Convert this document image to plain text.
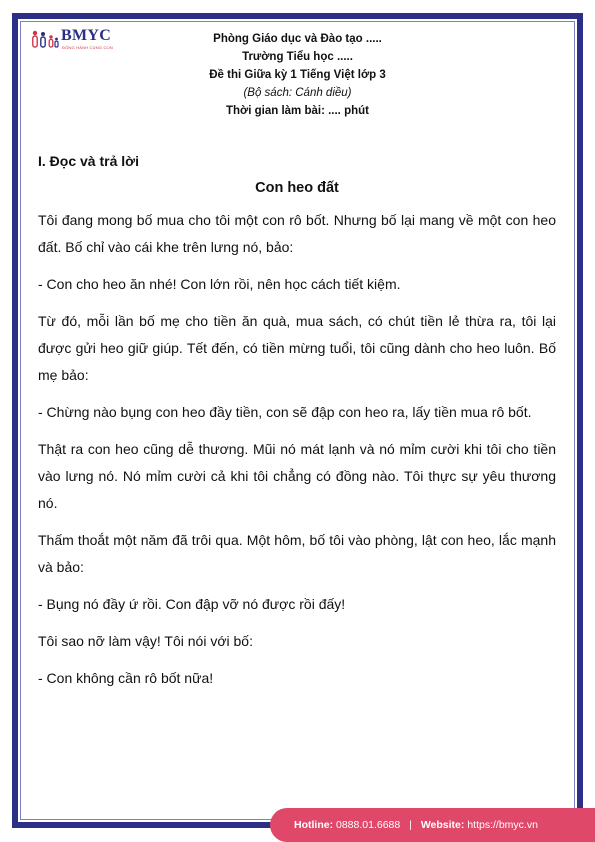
BMYC
ĐỒNG HÀNH CÙNG CON
Phòng Giáo dục và Đào tạo .....
Trường Tiểu học .....
Đề thi Giữa kỳ 1 Tiếng Việt lớp 3
(Bộ sách: Cánh diều)
Thời gian làm bài: .... phút
I. Đọc và trả lời
Con heo đất

Tôi đang mong bố mua cho tôi một con rô bốt. Nhưng bố lại mang về một con heo đất. Bố chỉ vào cái khe trên lưng nó, bảo:

- Con cho heo ăn nhé! Con lớn rồi, nên học cách tiết kiệm.

Từ đó, mỗi lần bố mẹ cho tiền ăn quà, mua sách, có chút tiền lẻ thừa ra, tôi lại được gửi heo giữ giúp. Tết đến, có tiền mừng tuổi, tôi cũng dành cho heo luôn. Bố mẹ bảo:

- Chừng nào bụng con heo đầy tiền, con sẽ đập con heo ra, lấy tiền mua rô bốt.

Thật ra con heo cũng dễ thương. Mũi nó mát lạnh và nó mỉm cười khi tôi cho tiền vào lưng nó. Nó mỉm cười cả khi tôi chẳng có đồng nào. Tôi thực sự yêu thương nó.

Thấm thoắt một năm đã trôi qua. Một hôm, bố tôi vào phòng, lật con heo, lắc mạnh và bảo:

- Bụng nó đầy ứ rồi. Con đập vỡ nó được rồi đấy!

Tôi sao nỡ làm vậy! Tôi nói với bố:

- Con không cần rô bốt nữa!

Hotline: 0888.01.6688 | Website: https://bmyc.vn
